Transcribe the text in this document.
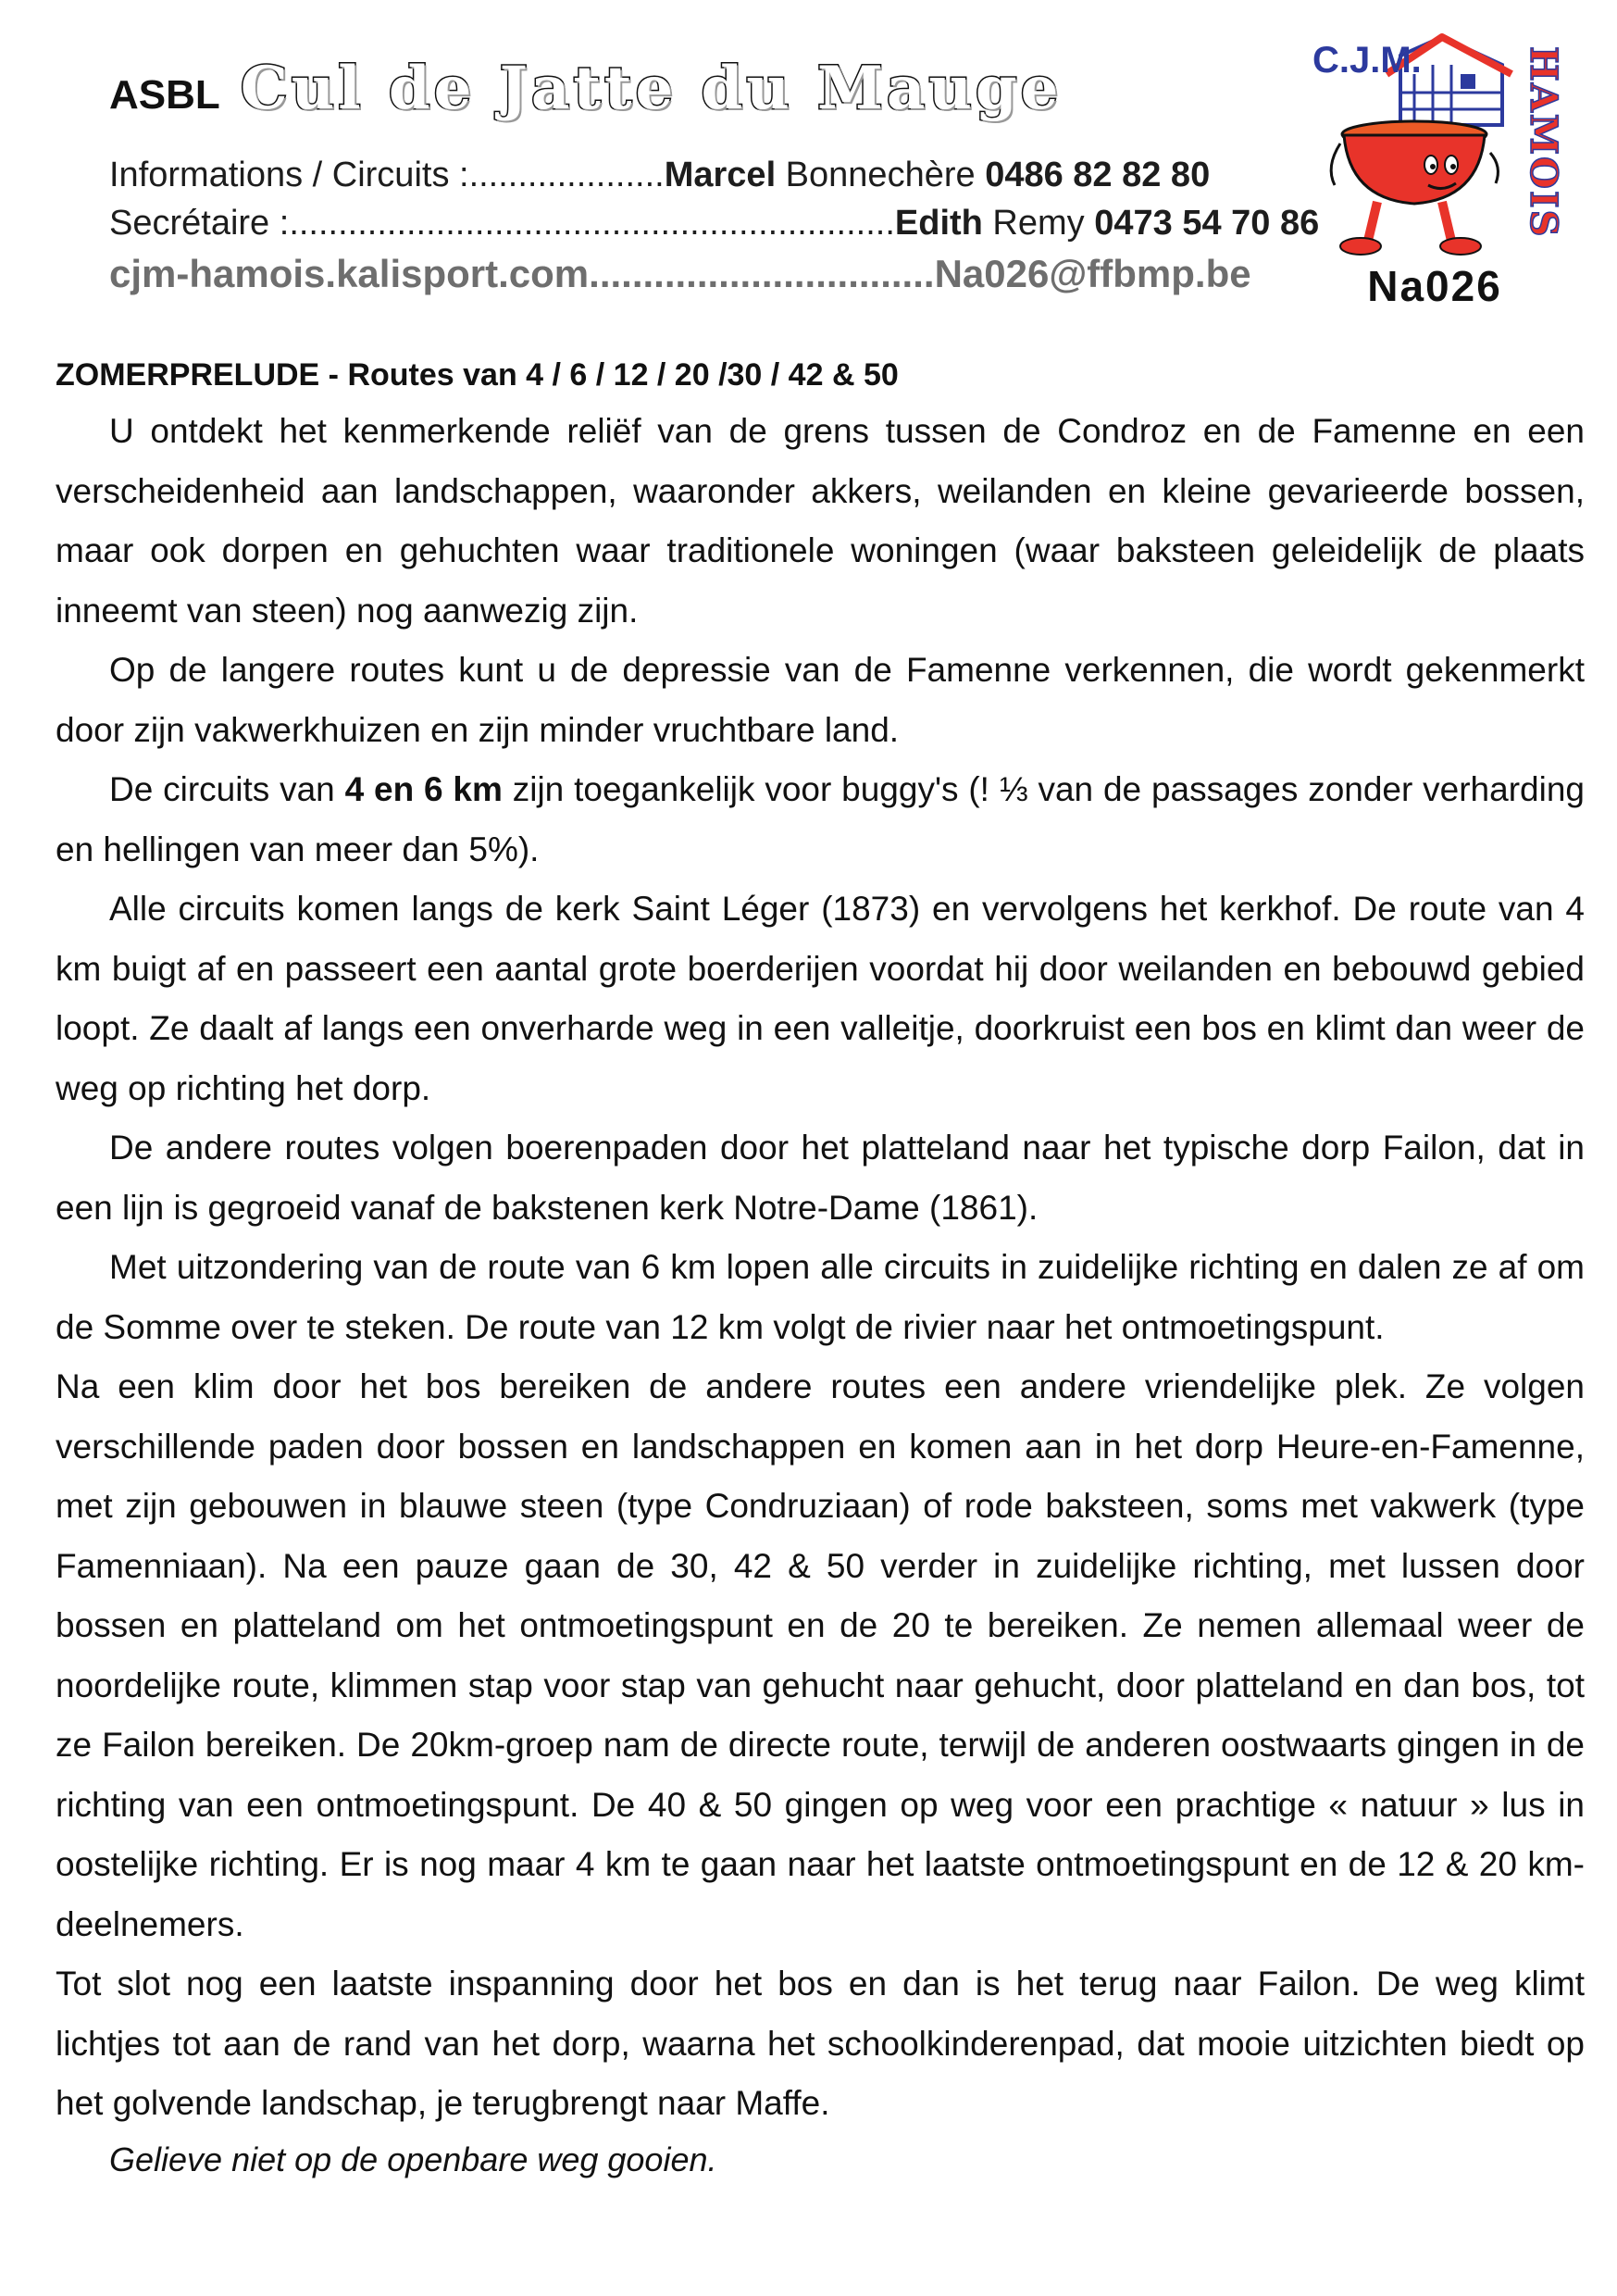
ASBL Cul de Jatte du Mauge
Informations / Circuits :....................Marcel Bonnechère 0486 82 82 80
Secrétaire :..............................................................Edith Remy 0473 54 70 86
cjm-hamois.kalisport.com................................Na026@ffbmp.be
C.J.M.	HAMOIS
Na026

ZOMERPRELUDE - Routes van 4 / 6 / 12 / 20 /30 / 42 & 50

U ontdekt het kenmerkende reliëf van de grens tussen de Condroz en de Famenne en een verscheidenheid aan landschappen, waaronder akkers, weilanden en kleine gevarieerde bossen, maar ook dorpen en gehuchten waar traditionele woningen (waar baksteen geleidelijk de plaats inneemt van steen) nog aanwezig zijn.

Op de langere routes kunt u de depressie van de Famenne verkennen, die wordt gekenmerkt door zijn vakwerkhuizen en zijn minder vruchtbare land.

De circuits van 4 en 6 km zijn toegankelijk voor buggy's (! ⅓ van de passages zonder verharding en hellingen van meer dan 5%).

Alle circuits komen langs de kerk Saint Léger (1873) en vervolgens het kerkhof. De route van 4 km buigt af en passeert een aantal grote boerderijen voordat hij door weilanden en bebouwd gebied loopt. Ze daalt af langs een onverharde weg in een valleitje, doorkruist een bos en klimt dan weer de weg op richting het dorp.

De andere routes volgen boerenpaden door het platteland naar het typische dorp Failon, dat in een lijn is gegroeid vanaf de bakstenen kerk Notre-Dame (1861).

Met uitzondering van de route van 6 km lopen alle circuits in zuidelijke richting en dalen ze af om de Somme over te steken. De route van 12 km volgt de rivier naar het ontmoetingspunt.

Na een klim door het bos bereiken de andere routes een andere vriendelijke plek. Ze volgen verschillende paden door bossen en landschappen en komen aan in het dorp Heure-en-Famenne, met zijn gebouwen in blauwe steen (type Condruziaan) of rode baksteen, soms met vakwerk (type Famenniaan). Na een pauze gaan de 30, 42 & 50 verder in zuidelijke richting, met lussen door bossen en platteland om het ontmoetingspunt en de 20 te bereiken. Ze nemen allemaal weer de noordelijke route, klimmen stap voor stap van gehucht naar gehucht, door platteland en dan bos, tot ze Failon bereiken. De 20km-groep nam de directe route, terwijl de anderen oostwaarts gingen in de richting van een ontmoetingspunt. De 40 & 50 gingen op weg voor een prachtige « natuur » lus in oostelijke richting. Er is nog maar 4 km te gaan naar het laatste ontmoetingspunt en de 12 & 20 km-deelnemers.

Tot slot nog een laatste inspanning door het bos en dan is het terug naar Failon. De weg klimt lichtjes tot aan de rand van het dorp, waarna het schoolkinderenpad, dat mooie uitzichten biedt op het golvende landschap, je terugbrengt naar Maffe.

Gelieve niet op de openbare weg gooien.
